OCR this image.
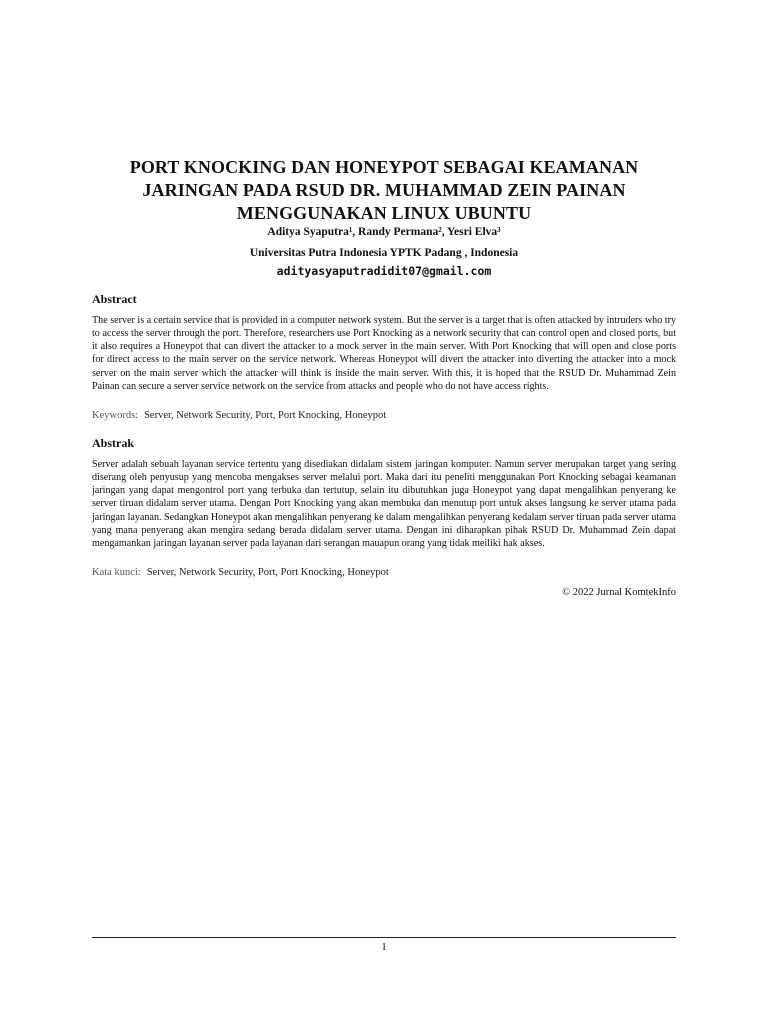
PORT KNOCKING DAN HONEYPOT SEBAGAI KEAMANAN
JARINGAN PADA RSUD DR. MUHAMMAD ZEIN PAINAN
MENGGUNAKAN LINUX UBUNTU
Aditya Syaputra¹, Randy Permana², Yesri Elva³
Universitas Putra Indonesia YPTK Padang , Indonesia
adityasyaputradidit07@gmail.com
Abstract

The server is a certain service that is provided in a computer network system. But the server is a target that is often attacked by intruders who try to access the server through the port. Therefore, researchers use Port Knocking as a network security that can control open and closed ports, but it also requires a Honeypot that can divert the attacker to a mock server in the main server. With Port Knocking that will open and close ports for direct access to the main server on the service network. Whereas Honeypot will divert the attacker into diverting the attacker into a mock server on the main server which the attacker will think is inside the main server. With this, it is hoped that the RSUD Dr. Muhammad Zein Painan can secure a server service network on the service from attacks and people who do not have access rights.

Keywords: Server, Network Security, Port, Port Knocking, Honeypot
Abstrak

Server adalah sebuah layanan service tertentu yang disediakan didalam sistem jaringan komputer. Namun server merupakan target yang sering diserang oleh penyusup yang mencoba mengakses server melalui port. Maka dari itu peneliti menggunakan Port Knocking sebagai keamanan jaringan yang dapat mengontrol port yang terbuka dan tertutup, selain itu dibutuhkan juga Honeypot yang dapat mengalihkan penyerang ke server tiruan didalam server utama. Dengan Port Knocking yang akan membuka dan menutup port untuk akses langsung ke server utama pada jaringan layanan. Sedangkan Honeypot akan mengalihkan penyerang ke dalam mengalihkan penyerang kedalam server tiruan pada server utama yang mana penyerang akan mengira sedang berada didalam server utama. Dengan ini diharapkan pihak RSUD Dr. Muhammad Zein dapat mengamankan jaringan layanan server pada layanan dari serangan mauapun orang yang tidak meiliki hak akses.

Kata kunci: Server, Network Security, Port, Port Knocking, Honeypot
© 2022 Jurnal KomtekInfo
1
